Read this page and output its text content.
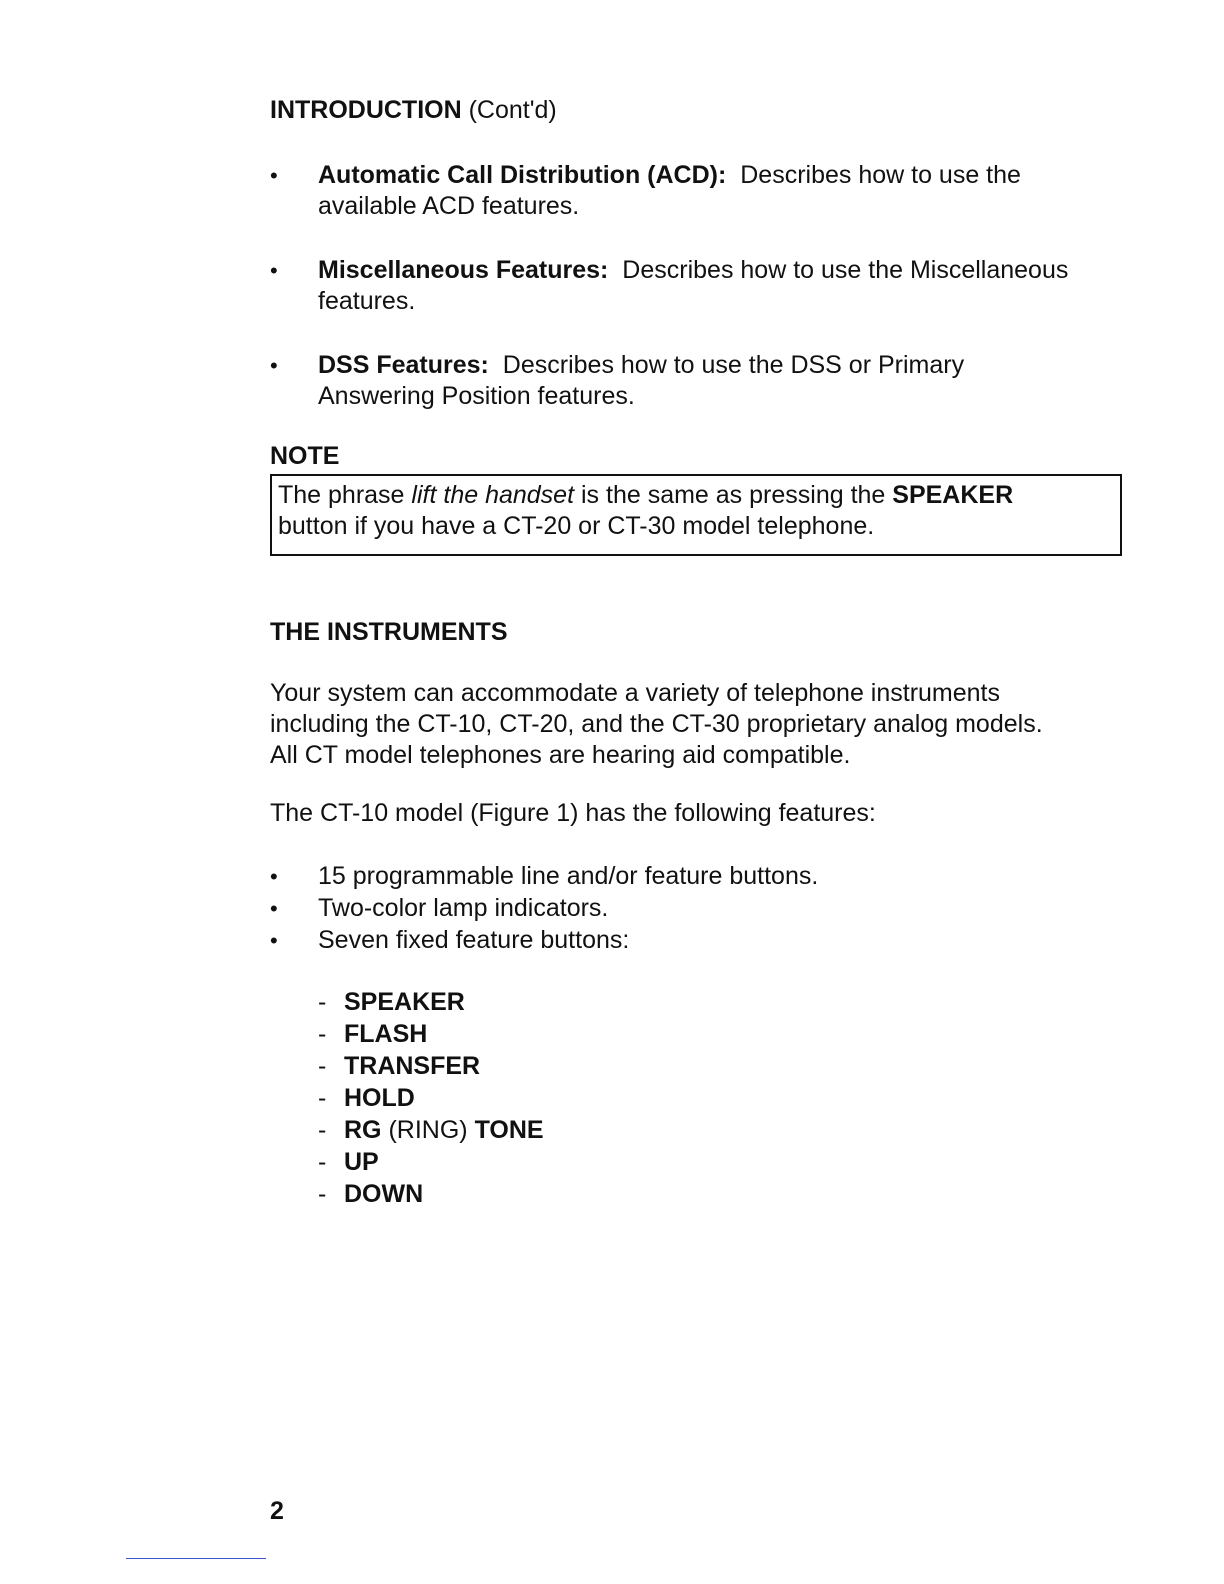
INTRODUCTION (Cont'd)
•	Automatic Call Distribution (ACD): Describes how to use the
available ACD features.
•	Miscellaneous Features: Describes how to use the Miscellaneous
features.
•	DSS Features: Describes how to use the DSS or Primary
Answering Position features.
NOTE
The phrase lift the handset is the same as pressing the SPEAKER
button if you have a CT-20 or CT-30 model telephone.
THE INSTRUMENTS
Your system can accommodate a variety of telephone instruments
including the CT-10, CT-20, and the CT-30 proprietary analog models.
All CT model telephones are hearing aid compatible.
The CT-10 model (Figure 1) has the following features:
•	15 programmable line and/or feature buttons.
•	Two-color lamp indicators.
•	Seven fixed feature buttons:
- SPEAKER
- FLASH
- TRANSFER
- HOLD
- RG (RING) TONE
- UP
- DOWN
2
